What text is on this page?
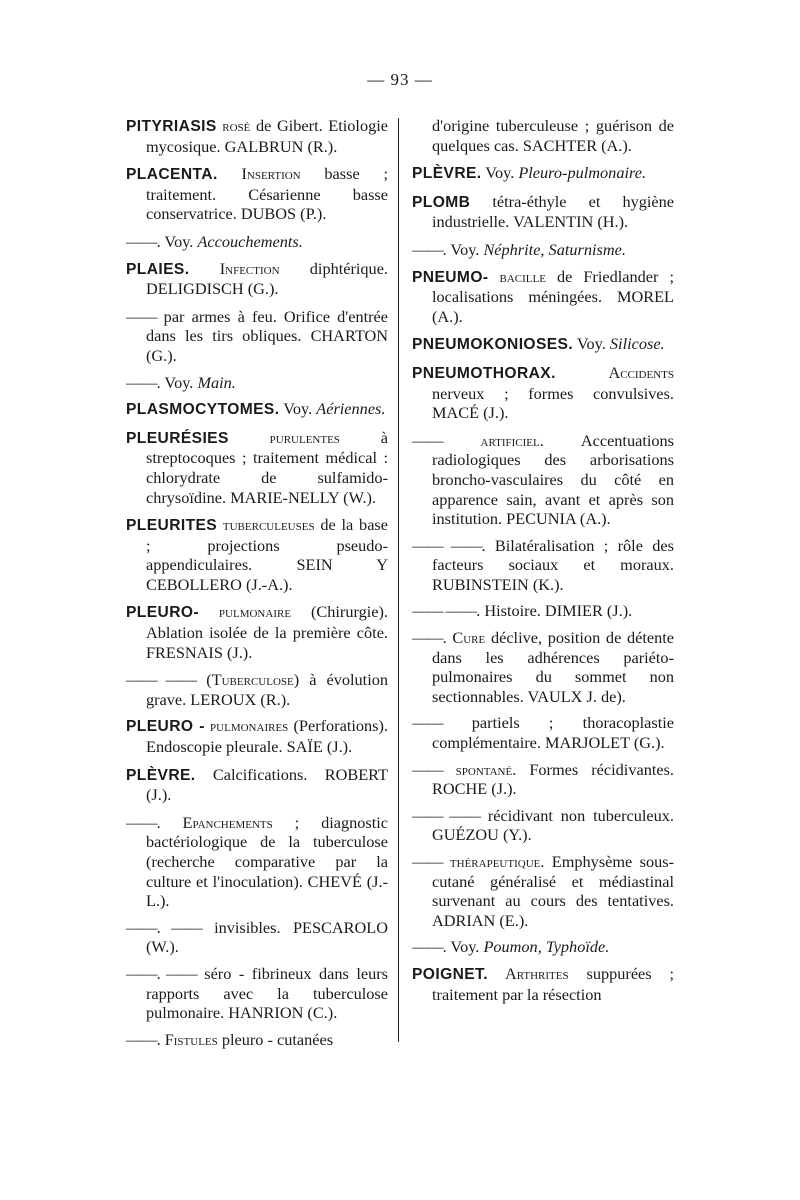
— 93 —

PITYRIASIS rosé de Gibert. Etiologie mycosique. GALBRUN (R.).

PLACENTA. Insertion basse ; traitement. Césarienne basse conservatrice. DUBOS (P.).

——. Voy. Accouchements.

PLAIES. Infection diphtérique. DELIGDISCH (G.).

—— par armes à feu. Orifice d'entrée dans les tirs obliques. CHARTON (G.).

——. Voy. Main.

PLASMOCYTOMES. Voy. Aériennes.

PLEURÉSIES purulentes à streptocoques ; traitement médical : chlorydrate de sulfamido-chrysoïdine. MARIE-NELLY (W.).

PLEURITES tuberculeuses de la base ; projections pseudo-appendiculaires. SEIN Y CEBOLLERO (J.-A.).

PLEURO- pulmonaire (Chirurgie). Ablation isolée de la première côte. FRESNAIS (J.).

—— —— (Tuberculose) à évolution grave. LEROUX (R.).

PLEURO - pulmonaires (Perforations). Endoscopie pleurale. SAÏE (J.).

PLÈVRE. Calcifications. ROBERT (J.).

——. Epanchements ; diagnostic bactériologique de la tuberculose (recherche comparative par la culture et l'inoculation). CHEVÉ (J.-L.).

——. —— invisibles. PESCAROLO (W.).

——. —— séro - fibrineux dans leurs rapports avec la tuberculose pulmonaire. HANRION (C.).

——. Fistules pleuro - cutanées

d'origine tuberculeuse ; guérison de quelques cas. SACHTER (A.).

PLÈVRE. Voy. Pleuro-pulmonaire.

PLOMB tétra-éthyle et hygiène industrielle. VALENTIN (H.).

——. Voy. Néphrite, Saturnisme.

PNEUMO- bacille de Friedlander ; localisations méningées. MOREL (A.).

PNEUMOKONIOSES. Voy. Silicose.

PNEUMOTHORAX. Accidents nerveux ; formes convulsives. MACÉ (J.).

—— artificiel. Accentuations radiologiques des arborisations broncho-vasculaires du côté en apparence sain, avant et après son institution. PECUNIA (A.).

—— ——. Bilatéralisation ; rôle des facteurs sociaux et moraux. RUBINSTEIN (K.).

—— ——. Histoire. DIMIER (J.).

——. Cure déclive, position de détente dans les adhérences pariéto-pulmonaires du sommet non sectionnables. VAULX J. de).

—— partiels ; thoracoplastie complémentaire. MARJOLET (G.).

—— spontané. Formes récidivantes. ROCHE (J.).

—— —— récidivant non tuberculeux. GUÉZOU (Y.).

—— thérapeutique. Emphysème sous-cutané généralisé et médiastinal survenant au cours des tentatives. ADRIAN (E.).

——. Voy. Poumon, Typhoïde.

POIGNET. Arthrites suppurées ; traitement par la résection
